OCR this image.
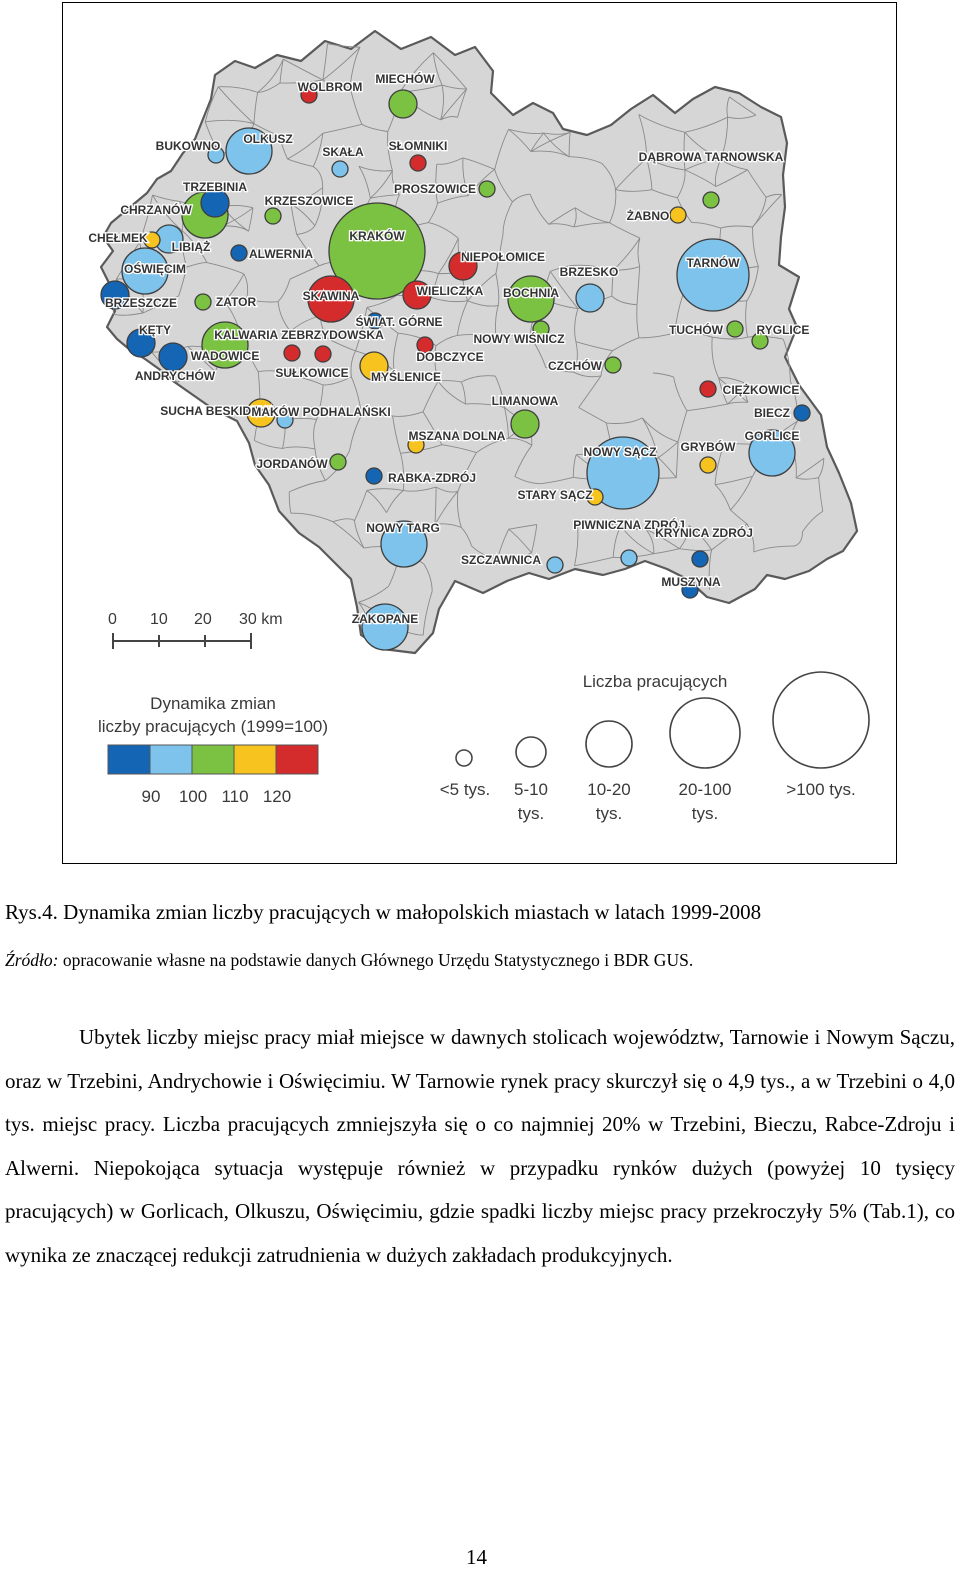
WOLBROM
MIECHÓW
BUKOWNO OLKUSZ
SKAŁA SŁOMNIKI
PROSZOWICE
DĄBROWA TARNOWSKA
TRZEBINIA
CHRZANÓW
KRZESZOWICE
ŻABNO
CHEŁMEK
LIBIĄŻ	ALWERNIA
KRAKÓW
NIEPOŁOMICE	TARNÓW
OŚWIĘCIM
BRZESZCZE	ZATOR	SKAWINA	WIELICZKA BOCHNIA
BRZESKO
KALWARIA ZEBRZYDOWSKA
ŚWIAT. GÓRNE
KĘTY
NOWY WIŚNICZ
TUCHÓW	RYGLICE
ANDRYCHÓW
WADOWICE
SUŁKOWICE MYŚLENICE
DOBCZYCE
CZCHÓW
CIĘŻKOWICE
SUCHA BESKIDZKA
MAKÓW PODHALAŃSKI
LIMANOWA
BIECZ
GORLICE
MSZANA DOLNA
GRYBÓW
JORDANÓW
RABKA-ZDRÓJ
NOWY SĄCZ
STARY SĄCZ
NOWY TARG	PIWNICZNA ZDRÓJ
KRYNICA ZDRÓJ
SZCZAWNICA
MUSZYNA
ZAKOPANE
0 10 20 30 km
Dynamika zmian
liczby pracujących (1999=100)
90 100 110 120
Liczba pracujących
<5 tys. 5-10
tys.
10-20
tys.
20-100
tys.
>100 tys.
Rys.4. Dynamika zmian liczby pracujących w małopolskich miastach w latach 1999-2008
Źródło: opracowanie własne na podstawie danych Głównego Urzędu Statystycznego i BDR GUS.

Ubytek liczby miejsc pracy miał miejsce w dawnych stolicach województw, Tarnowie i Nowym Sączu, oraz w Trzebini, Andrychowie i Oświęcimiu. W Tarnowie rynek pracy skurczył się o 4,9 tys., a w Trzebini o 4,0 tys. miejsc pracy. Liczba pracujących zmniejszyła się o co najmniej 20% w Trzebini, Bieczu, Rabce-Zdroju i Alwerni. Niepokojąca sytuacja występuje również w przypadku rynków dużych (powyżej 10 tysięcy pracujących) w Gorlicach, Olkuszu, Oświęcimiu, gdzie spadki liczby miejsc pracy przekroczyły 5% (Tab.1), co wynika ze znaczącej redukcji zatrudnienia w dużych zakładach produkcyjnych.

14
